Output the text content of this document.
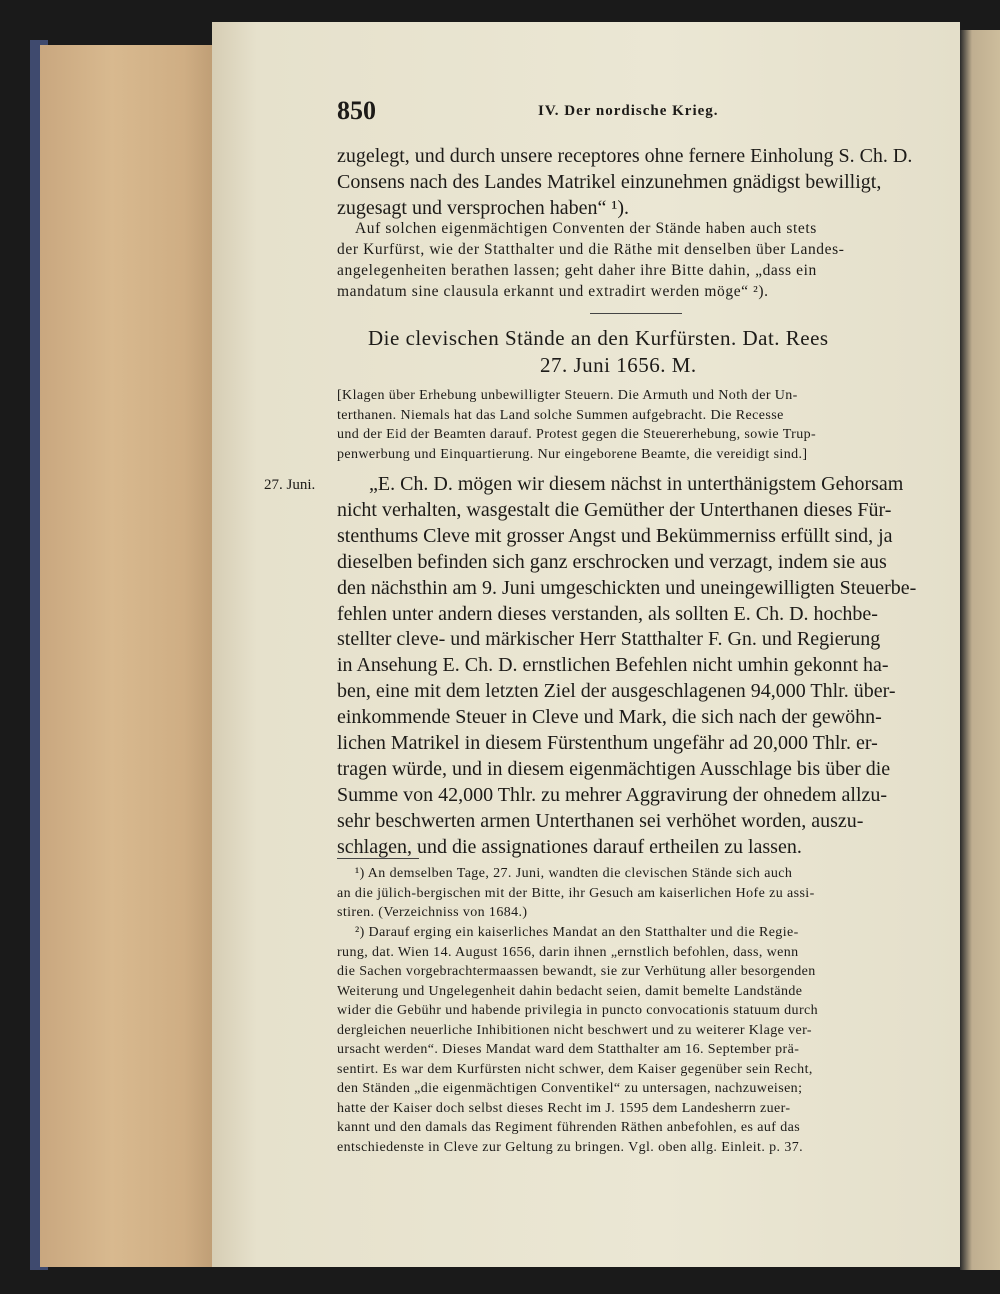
850	IV. Der nordische Krieg.
zugelegt, und durch unsere receptores ohne fernere Einholung S. Ch. D.
Consens nach des Landes Matrikel einzunehmen gnädigst bewilligt,
zugesagt und versprochen haben“ ¹).
Auf solchen eigenmächtigen Conventen der Stände haben auch stets
der Kurfürst, wie der Statthalter und die Räthe mit denselben über Landes-
angelegenheiten berathen lassen; geht daher ihre Bitte dahin, „dass ein
mandatum sine clausula erkannt und extradirt werden möge“ ²).
Die clevischen Stände an den Kurfürsten. Dat. Rees
27. Juni 1656. M.
[Klagen über Erhebung unbewilligter Steuern. Die Armuth und Noth der Un-
terthanen. Niemals hat das Land solche Summen aufgebracht. Die Recesse
und der Eid der Beamten darauf. Protest gegen die Steuererhebung, sowie Trup-
penwerbung und Einquartierung. Nur eingeborene Beamte, die vereidigt sind.]
27. Juni.	„E. Ch. D. mögen wir diesem nächst in unterthänigstem Gehorsam
nicht verhalten, wasgestalt die Gemüther der Unterthanen dieses Für-
stenthums Cleve mit grosser Angst und Bekümmerniss erfüllt sind, ja
dieselben befinden sich ganz erschrocken und verzagt, indem sie aus
den nächsthin am 9. Juni umgeschickten und uneingewilligten Steuerbe-
fehlen unter andern dieses verstanden, als sollten E. Ch. D. hochbe-
stellter cleve- und märkischer Herr Statthalter F. Gn. und Regierung
in Ansehung E. Ch. D. ernstlichen Befehlen nicht umhin gekonnt ha-
ben, eine mit dem letzten Ziel der ausgeschlagenen 94,000 Thlr. über-
einkommende Steuer in Cleve und Mark, die sich nach der gewöhn-
lichen Matrikel in diesem Fürstenthum ungefähr ad 20,000 Thlr. er-
tragen würde, und in diesem eigenmächtigen Ausschlage bis über die
Summe von 42,000 Thlr. zu mehrer Aggravirung der ohnedem allzu-
sehr beschwerten armen Unterthanen sei verhöhet worden, auszu-
schlagen, und die assignationes darauf ertheilen zu lassen.
¹) An demselben Tage, 27. Juni, wandten die clevischen Stände sich auch
an die jülich-bergischen mit der Bitte, ihr Gesuch am kaiserlichen Hofe zu assi-
stiren. (Verzeichniss von 1684.)
²) Darauf erging ein kaiserliches Mandat an den Statthalter und die Regie-
rung, dat. Wien 14. August 1656, darin ihnen „ernstlich befohlen, dass, wenn
die Sachen vorgebrachtermaassen bewandt, sie zur Verhütung aller besorgenden
Weiterung und Ungelegenheit dahin bedacht seien, damit bemelte Landstände
wider die Gebühr und habende privilegia in puncto convocationis statuum durch
dergleichen neuerliche Inhibitionen nicht beschwert und zu weiterer Klage ver-
ursacht werden“. Dieses Mandat ward dem Statthalter am 16. September prä-
sentirt. Es war dem Kurfürsten nicht schwer, dem Kaiser gegenüber sein Recht,
den Ständen „die eigenmächtigen Conventikel“ zu untersagen, nachzuweisen;
hatte der Kaiser doch selbst dieses Recht im J. 1595 dem Landesherrn zuer-
kannt und den damals das Regiment führenden Räthen anbefohlen, es auf das
entschiedenste in Cleve zur Geltung zu bringen. Vgl. oben allg. Einleit. p. 37.
